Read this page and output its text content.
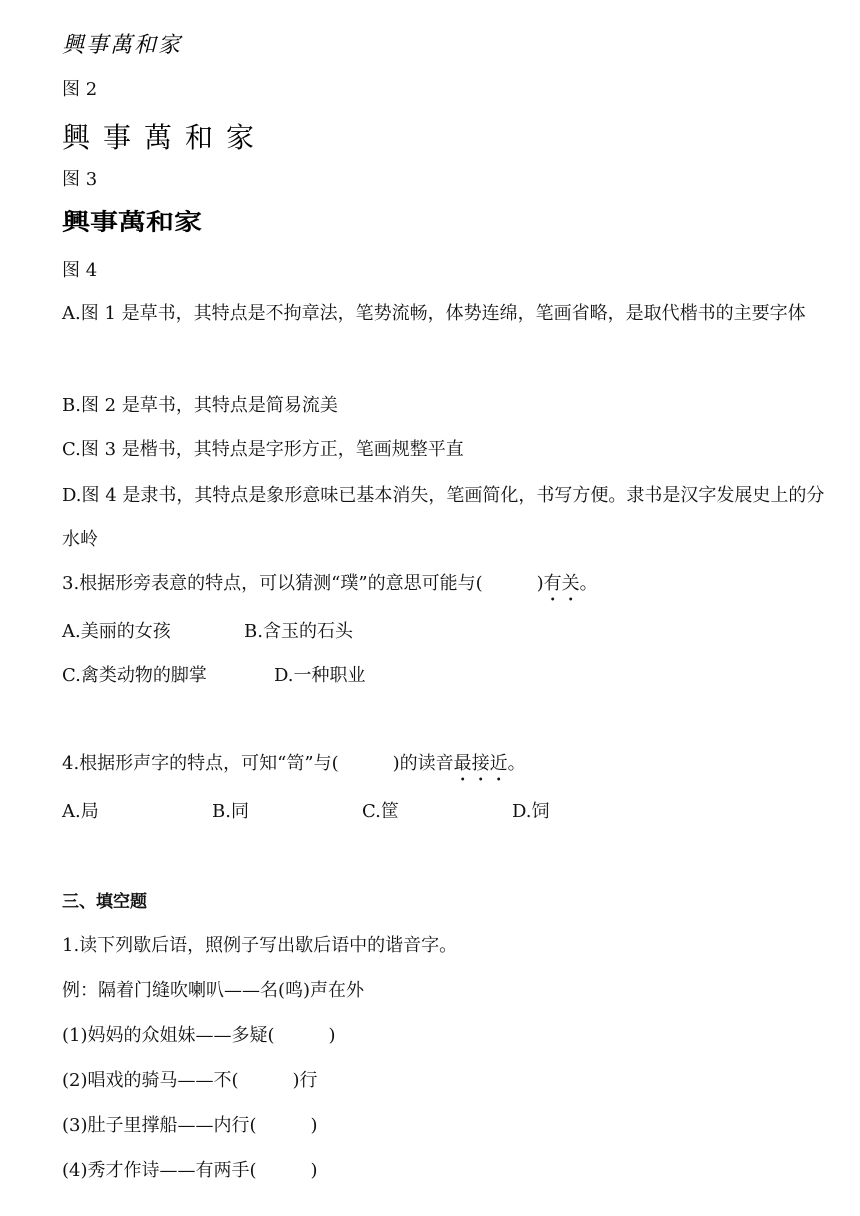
興事萬和家
图 2
興事萬和家
图 3
興事萬和家
图 4
A.图 1 是草书，其特点是不拘章法，笔势流畅，体势连绵，笔画省略，是取代楷书的主要字体
B.图 2 是草书，其特点是简易流美
C.图 3 是楷书，其特点是字形方正，笔画规整平直
D.图 4 是隶书，其特点是象形意味已基本消失，笔画简化，书写方便。隶书是汉字发展史上的分水岭
3.根据形旁表意的特点，可以猜测“璞”的意思可能与(　　　	)有关。
A.美丽的女孩	B.含玉的石头
C.禽类动物的脚掌	D.一种职业
4.根据形声字的特点，可知“笥”与(　　　	)的读音最接近。
A.局	B.同	C.筐	D.饲
三、填空题
1.读下列歇后语，照例子写出歇后语中的谐音字。
例：隔着门缝吹喇叭——名(鸣)声在外
(1)妈妈的众姐妹——多疑(　　　)
(2)唱戏的骑马——不(　　　)行
(3)肚子里撑船——内行(　　　)
(4)秀才作诗——有两手(　　　)
